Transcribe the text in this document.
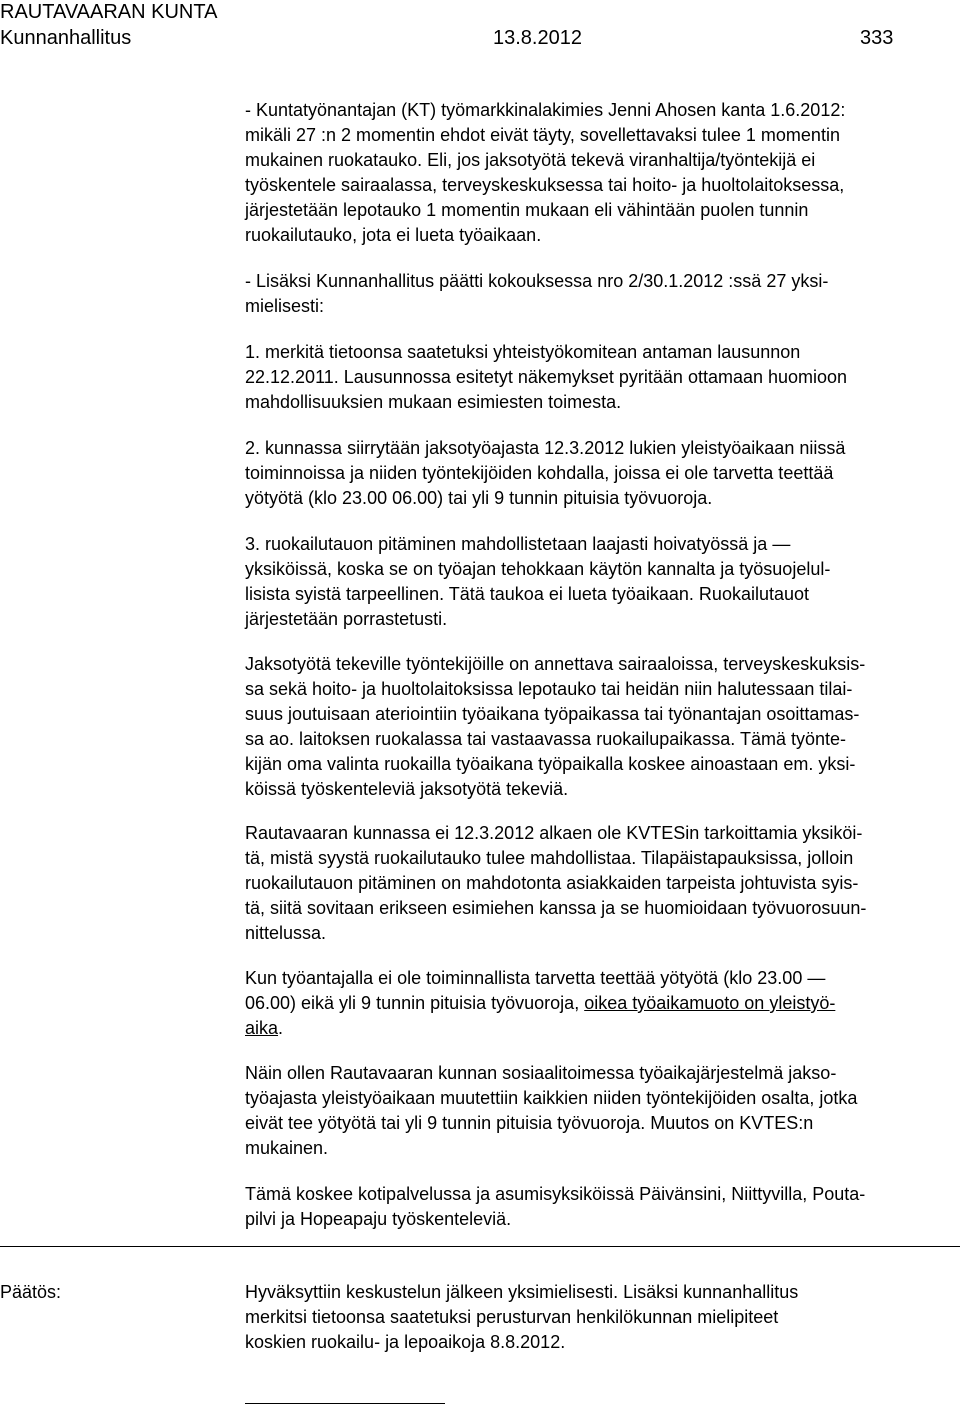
RAUTAVAARAN KUNTA
Kunnanhallitus	13.8.2012	333
- Kuntatyönantajan (KT) työmarkkinalakimies Jenni Ahosen kanta 1.6.2012:
mikäli 27 :n 2 momentin ehdot eivät täyty, sovellettavaksi tulee 1 momentin
mukainen ruokatauko. Eli, jos jaksotyötä tekevä viranhaltija/työntekijä ei
työskentele sairaalassa, terveyskeskuksessa tai hoito- ja huoltolaitoksessa,
järjestetään lepotauko 1 momentin mukaan eli vähintään puolen tunnin
ruokailutauko, jota ei lueta työaikaan.
- Lisäksi Kunnanhallitus päätti kokouksessa nro 2/30.1.2012 :ssä 27 yksi-
mielisesti:
1. merkitä tietoonsa saatetuksi yhteistyökomitean antaman lausunnon
22.12.2011. Lausunnossa esitetyt näkemykset pyritään ottamaan huomioon
mahdollisuuksien mukaan esimiesten toimesta.
2. kunnassa siirrytään jaksotyöajasta 12.3.2012 lukien yleistyöaikaan niissä
toiminnoissa ja niiden työntekijöiden kohdalla, joissa ei ole tarvetta teettää
yötyötä (klo 23.00 06.00) tai yli 9 tunnin pituisia työvuoroja.
3. ruokailutauon pitäminen mahdollistetaan laajasti hoivatyössä ja —
yksiköissä, koska se on työajan tehokkaan käytön kannalta ja työsuojelul-
lisista syistä tarpeellinen. Tätä taukoa ei lueta työaikaan. Ruokailutauot
järjestetään porrastetusti.
Jaksotyötä tekeville työntekijöille on annettava sairaaloissa, terveyskeskuksis-
sa sekä hoito- ja huoltolaitoksissa lepotauko tai heidän niin halutessaan tilai-
suus joutuisaan ateriointiin työaikana työpaikassa tai työnantajan osoittamas-
sa ao. laitoksen ruokalassa tai vastaavassa ruokailupaikassa. Tämä työnte-
kijän oma valinta ruokailla työaikana työpaikalla koskee ainoastaan em. yksi-
köissä työskenteleviä jaksotyötä tekeviä.
Rautavaaran kunnassa ei 12.3.2012 alkaen ole KVTESin tarkoittamia yksiköi-
tä, mistä syystä ruokailutauko tulee mahdollistaa. Tilapäistapauksissa, jolloin
ruokailutauon pitäminen on mahdotonta asiakkaiden tarpeista johtuvista syis-
tä, siitä sovitaan erikseen esimiehen kanssa ja se huomioidaan työvuorosuun-
nittelussa.
Kun työantajalla ei ole toiminnallista tarvetta teettää yötyötä (klo 23.00 —
06.00) eikä yli 9 tunnin pituisia työvuoroja, oikea työaikamuoto on yleistyö-
aika.
Näin ollen Rautavaaran kunnan sosiaalitoimessa työaikajärjestelmä jakso-
työajasta yleistyöaikaan muutettiin kaikkien niiden työntekijöiden osalta, jotka
eivät tee yötyötä tai yli 9 tunnin pituisia työvuoroja. Muutos on KVTES:n
mukainen.
Tämä koskee kotipalvelussa ja asumisyksiköissä Päivänsini, Niittyvilla, Pouta-
pilvi ja Hopeapaju työskenteleviä.
Päätös:	Hyväksyttiin keskustelun jälkeen yksimielisesti. Lisäksi kunnanhallitus
merkitsi tietoonsa saatetuksi perusturvan henkilökunnan mielipiteet
koskien ruokailu- ja lepoaikoja 8.8.2012.
